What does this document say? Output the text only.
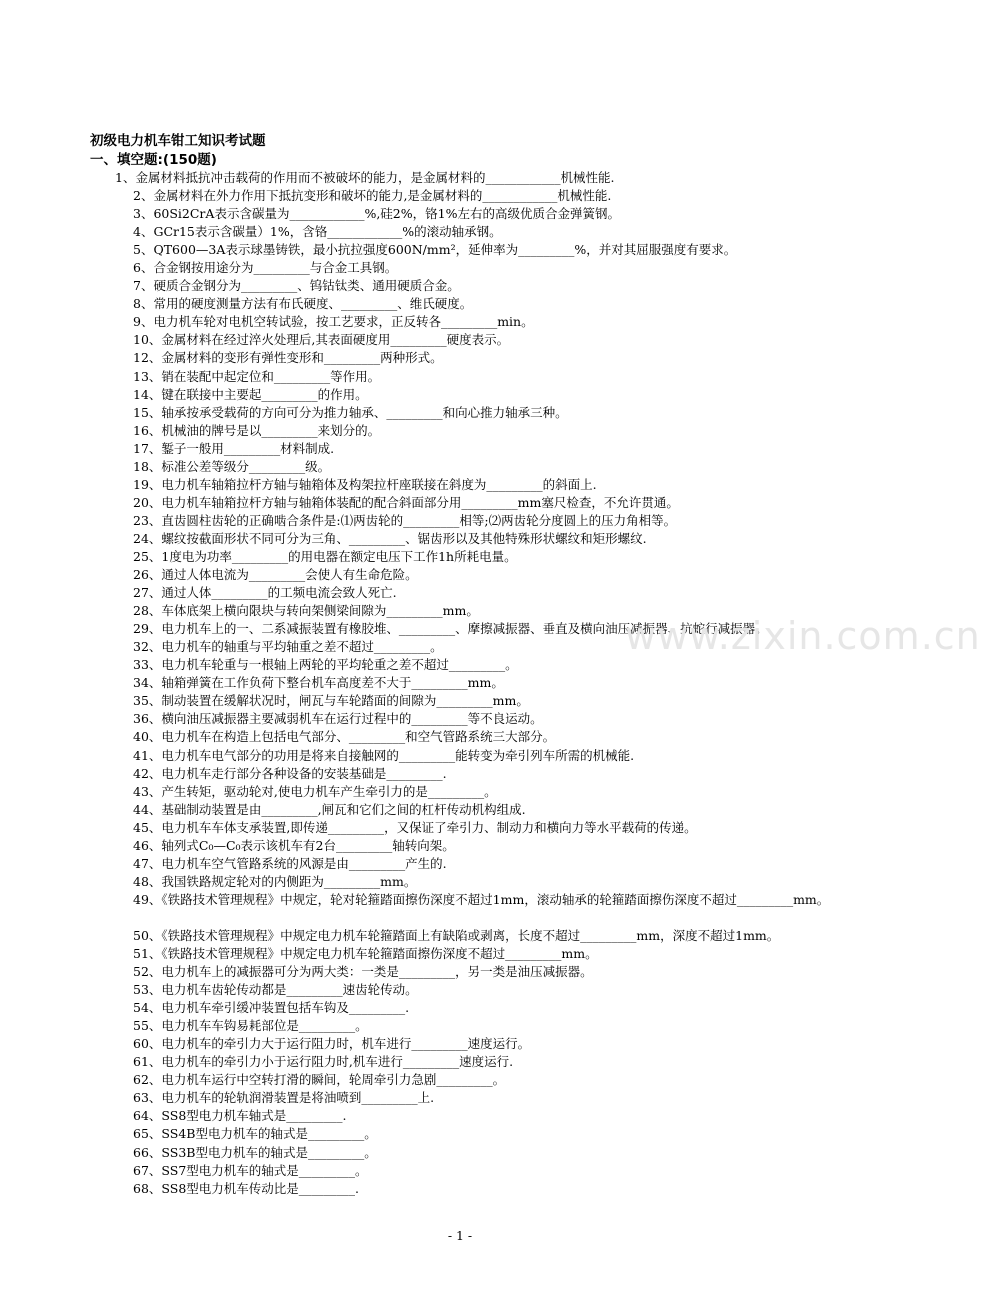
初级电力机车钳工知识考试题
一、填空题:(150题)
1、金属材料抵抗冲击载荷的作用而不被破坏的能力，是金属材料的____________机械性能.
2、金属材料在外力作用下抵抗变形和破坏的能力,是金属材料的____________机械性能.
3、60Si2CrA表示含碳量为____________%,硅2%，铬1%左右的高级优质合金弹簧钢。
4、GCr15表示含碳量）1%，含铬____________%的滚动轴承钢。
5、QT600—3A表示球墨铸铁，最小抗拉强度600N/mm²，延伸率为_________%，并对其屈服强度有要求。
6、合金钢按用途分为_________与合金工具钢。
7、硬质合金钢分为_________、钨钴钛类、通用硬质合金。
8、常用的硬度测量方法有布氏硬度、_________、维氏硬度。
9、电力机车轮对电机空转试验，按工艺要求，正反转各_________min。
10、金属材料在经过淬火处理后,其表面硬度用_________硬度表示。
12、金属材料的变形有弹性变形和_________两种形式。
13、销在装配中起定位和_________等作用。
14、键在联接中主要起_________的作用。
15、轴承按承受载荷的方向可分为推力轴承、_________和向心推力轴承三种。
16、机械油的牌号是以_________来划分的。
17、錾子一般用_________材料制成.
18、标准公差等级分_________级。
19、电力机车轴箱拉杆方轴与轴箱体及构架拉杆座联接在斜度为_________的斜面上.
20、电力机车轴箱拉杆方轴与轴箱体装配的配合斜面部分用_________mm塞尺检查，不允许贯通。
23、直齿圆柱齿轮的正确啮合条件是:⑴两齿轮的_________相等;⑵两齿轮分度圆上的压力角相等。
24、螺纹按截面形状不同可分为三角、_________、锯齿形以及其他特殊形状螺纹和矩形螺纹.
25、1度电为功率_________的用电器在额定电压下工作1h所耗电量。
26、通过人体电流为_________会使人有生命危险。
27、通过人体_________的工频电流会致人死亡.
28、车体底架上横向限块与转向架侧梁间隙为_________mm。
29、电力机车上的一、二系减振装置有橡胶堆、_________、摩擦减振器、垂直及横向油压减振器、抗蛇行减振器。
32、电力机车的轴重与平均轴重之差不超过_________。
33、电力机车轮重与一根轴上两轮的平均轮重之差不超过_________。
34、轴箱弹簧在工作负荷下整台机车高度差不大于_________mm。
35、制动装置在缓解状况时，闸瓦与车轮踏面的间隙为_________mm。
36、横向油压减振器主要减弱机车在运行过程中的_________等不良运动。
40、电力机车在构造上包括电气部分、_________和空气管路系统三大部分。
41、电力机车电气部分的功用是将来自接触网的_________能转变为牵引列车所需的机械能.
42、电力机车走行部分各种设备的安装基础是_________.
43、产生转矩，驱动轮对,使电力机车产生牵引力的是_________。
44、基础制动装置是由_________,闸瓦和它们之间的杠杆传动机构组成.
45、电力机车车体支承装置,即传递_________，又保证了牵引力、制动力和横向力等水平载荷的传递。
46、轴列式C₀—C₀表示该机车有2台_________轴转向架。
47、电力机车空气管路系统的风源是由_________产生的.
48、我国铁路规定轮对的内侧距为_________mm。
49、《铁路技术管理规程》中规定，轮对轮箍踏面擦伤深度不超过1mm，滚动轴承的轮箍踏面擦伤深度不超过_________mm。
50、《铁路技术管理规程》中规定电力机车轮箍踏面上有缺陷或剥离，长度不超过_________mm，深度不超过1mm。
51、《铁路技术管理规程》中规定电力机车轮箍踏面擦伤深度不超过_________mm。
52、电力机车上的减振器可分为两大类：一类是_________，另一类是油压减振器。
53、电力机车齿轮传动都是_________速齿轮传动。
54、电力机车牵引缓冲装置包括车钩及_________.
55、电力机车车钩易耗部位是_________。
60、电力机车的牵引力大于运行阻力时，机车进行_________速度运行。
61、电力机车的牵引力小于运行阻力时,机车进行_________速度运行.
62、电力机车运行中空转打滑的瞬间，轮周牵引力急剧_________。
63、电力机车的轮轨润滑装置是将油喷到_________上.
64、SS8型电力机车轴式是_________.
65、SS4B型电力机车的轴式是_________。
66、SS3B型电力机车的轴式是_________。
67、SS7型电力机车的轴式是_________。
68、SS8型电力机车传动比是_________.
www.zixin.com.cn
- 1 -
